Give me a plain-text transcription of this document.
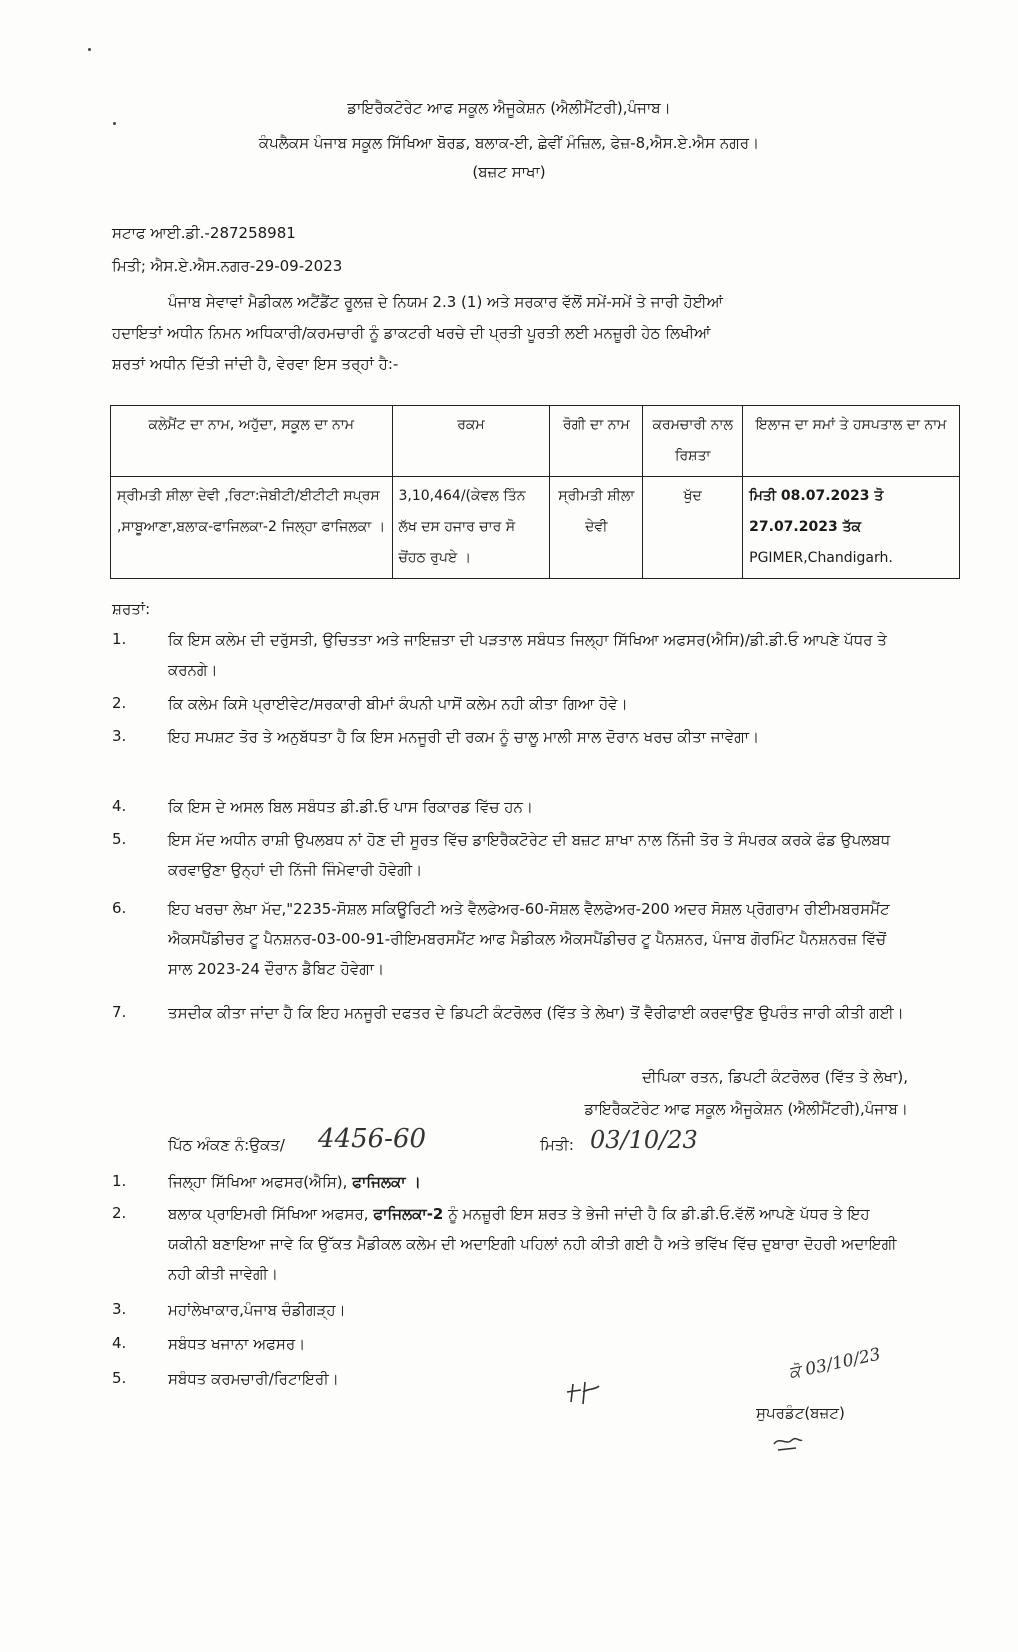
ਡਾਇਰੈਕਟੋਰੇਟ ਆਫ ਸਕੂਲ ਐਜੂਕੇਸ਼ਨ (ਐਲੀਮੈਂਟਰੀ),ਪੰਜਾਬ।
ਕੰਪਲੈਕਸ ਪੰਜਾਬ ਸਕੂਲ ਸਿੱਖਿਆ ਬੋਰਡ, ਬਲਾਕ-ਈ, ਛੇਵੀਂ ਮੰਜ਼ਿਲ, ਫੇਜ਼-8,ਐਸ.ਏ.ਐਸ ਨਗਰ।
(ਬਜ਼ਟ ਸਾਖਾ)
ਸਟਾਫ ਆਈ.ਡੀ.-287258981
ਮਿਤੀ; ਐਸ.ਏ.ਐਸ.ਨਗਰ-29-09-2023
ਪੰਜਾਬ ਸੇਵਾਵਾਂ ਮੈਡੀਕਲ ਅਟੈਂਡੈਂਟ ਰੂਲਜ਼ ਦੇ ਨਿਯਮ 2.3 (1) ਅਤੇ ਸਰਕਾਰ ਵੱਲੋਂ ਸਮੇਂ-ਸਮੇਂ ਤੇ ਜਾਰੀ ਹੋਈਆਂ
ਹਦਾਇਤਾਂ ਅਧੀਨ ਨਿਮਨ ਅਧਿਕਾਰੀ/ਕਰਮਚਾਰੀ ਨੂੰ ਡਾਕਟਰੀ ਖਰਚੇ ਦੀ ਪ੍ਰਤੀ ਪੂਰਤੀ ਲਈ ਮਨਜ਼ੂਰੀ ਹੇਠ ਲਿਖੀਆਂ
ਸ਼ਰਤਾਂ ਅਧੀਨ ਦਿੱਤੀ ਜਾਂਦੀ ਹੈ, ਵੇਰਵਾ ਇਸ ਤਰ੍ਹਾਂ ਹੈ:-
ਕਲੇਮੈਂਟ ਦਾ ਨਾਮ, ਅਹੁੱਦਾ, ਸਕੂਲ ਦਾ ਨਾਮ	ਰਕਮ	ਰੋਗੀ ਦਾ ਨਾਮ	ਕਰਮਚਾਰੀ ਨਾਲ ਰਿਸ਼ਤਾ	ਇਲਾਜ ਦਾ ਸਮਾਂ ਤੇ ਹਸਪਤਾਲ ਦਾ ਨਾਮ
ਸ੍ਰੀਮਤੀ ਸ਼ੀਲਾ ਦੇਵੀ ,ਰਿਟਾ:ਜੇਬੀਟੀ/ਈਟੀਟੀ ਸਪ੍ਰਸ ,ਸਾਬੂਆਣਾ,ਬਲਾਕ-ਫਾਜਿਲਕਾ-2 ਜਿਲ੍ਹਾ ਫਾਜਿਲਕਾ ।	3,10,464/(ਕੇਵਲ ਤਿੰਨ ਲੱਖ ਦਸ ਹਜਾਰ ਚਾਰ ਸੋ ਚੋਂਹਠ ਰੁਪਏ ।	ਸ੍ਰੀਮਤੀ ਸ਼ੀਲਾ ਦੇਵੀ	ਖੁੱਦ	ਮਿਤੀ 08.07.2023 ਤੋ 27.07.2023 ਤੱਕ
PGIMER,Chandigarh.
ਸ਼ਰਤਾਂ:
1.	ਕਿ ਇਸ ਕਲੇਮ ਦੀ ਦਰੁੱਸਤੀ, ਉਚਿਤਤਾ ਅਤੇ ਜਾਇਜ਼ਤਾ ਦੀ ਪੜਤਾਲ ਸਬੰਧਤ ਜਿਲ੍ਹਾ ਸਿੱਖਿਆ ਅਫਸਰ(ਐਸਿ)/ਡੀ.ਡੀ.ਓ ਆਪਣੇ ਪੱਧਰ ਤੇ ਕਰਨਗੇ।
2.	ਕਿ ਕਲੇਮ ਕਿਸੇ ਪ੍ਰਾਈਵੇਟ/ਸਰਕਾਰੀ ਬੀਮਾਂ ਕੰਪਨੀ ਪਾਸੋਂ ਕਲੇਮ ਨਹੀ ਕੀਤਾ ਗਿਆ ਹੋਵੇ।
3.	ਇਹ ਸਪਸ਼ਟ ਤੋਰ ਤੇ ਅਨੁਬੱਧਤਾ ਹੈ ਕਿ ਇਸ ਮਨਜੂਰੀ ਦੀ ਰਕਮ ਨੂੰ ਚਾਲੂ ਮਾਲੀ ਸਾਲ ਦੋਰਾਨ ਖਰਚ ਕੀਤਾ ਜਾਵੇਗਾ।
4.	ਕਿ ਇਸ ਦੇ ਅਸਲ ਬਿਲ ਸਬੰਧਤ ਡੀ.ਡੀ.ਓ ਪਾਸ ਰਿਕਾਰਡ ਵਿੱਚ ਹਨ।
5.	ਇਸ ਮੱਦ ਅਧੀਨ ਰਾਸ਼ੀ ਉਪਲਬਧ ਨਾਂ ਹੋਣ ਦੀ ਸੂਰਤ ਵਿੱਚ ਡਾਇਰੈਕਟੋਰੇਟ ਦੀ ਬਜ਼ਟ ਸ਼ਾਖਾ ਨਾਲ ਨਿੱਜੀ ਤੋਰ ਤੇ ਸੰਪਰਕ ਕਰਕੇ ਫੰਡ ਉਪਲਬਧ ਕਰਵਾਉਣਾ ਉਨ੍ਹਾਂ ਦੀ ਨਿੱਜੀ ਜਿੰਮੇਵਾਰੀ ਹੋਵੇਗੀ।
6.	ਇਹ ਖਰਚਾ ਲੇਖਾ ਮੱਦ,"2235-ਸੋਸ਼ਲ ਸਕਿਊਰਿਟੀ ਅਤੇ ਵੈਲਫੇਅਰ-60-ਸੋਸ਼ਲ ਵੈਲਫੇਅਰ-200 ਅਦਰ ਸੋਸ਼ਲ ਪ੍ਰੋਗਰਾਮ ਰੀਈਮਬਰਸਮੈਂਟ ਐਕਸਪੈਂਡੀਚਰ ਟੂ ਪੈਨਸ਼ਨਰ-03-00-91-ਰੀਇਮਬਰਸਮੈਂਟ ਆਫ ਮੈਡੀਕਲ ਐਕਸਪੈਂਡੀਚਰ ਟੂ ਪੈਨਸ਼ਨਰ, ਪੰਜਾਬ ਗੋਰਮਿੰਟ ਪੈਨਸ਼ਨਰਜ਼ ਵਿੱਚੋਂ ਸਾਲ 2023-24 ਦੌਰਾਨ ਡੈਬਿਟ ਹੋਵੇਗਾ।
7.	ਤਸਦੀਕ ਕੀਤਾ ਜਾਂਦਾ ਹੈ ਕਿ ਇਹ ਮਨਜੂਰੀ ਦਫਤਰ ਦੇ ਡਿਪਟੀ ਕੰਟਰੋਲਰ (ਵਿੱਤ ਤੇ ਲੇਖਾ) ਤੋਂ ਵੈਰੀਫਾਈ ਕਰਵਾਉਣ ਉਪਰੰਤ ਜਾਰੀ ਕੀਤੀ ਗਈ।
ਦੀਪਿਕਾ ਰਤਨ, ਡਿਪਟੀ ਕੰਟਰੋਲਰ (ਵਿੱਤ ਤੇ ਲੇਖਾ),
ਡਾਇਰੈਕਟੋਰੇਟ ਆਫ ਸਕੂਲ ਐਜੂਕੇਸ਼ਨ (ਐਲੀਮੈਂਟਰੀ),ਪੰਜਾਬ।
ਪਿੱਠ ਅੰਕਣ ਨੰ:ਉਕਤ/ 4456-60	ਮਿਤੀ: 03/10/23
1.	ਜਿਲ੍ਹਾ ਸਿੱਖਿਆ ਅਫਸਰ(ਐਸਿ), ਫਾਜਿਲਕਾ ।
2.	ਬਲਾਕ ਪ੍ਰਾਇਮਰੀ ਸਿੱਖਿਆ ਅਫਸਰ, ਫਾਜਿਲਕਾ-2 ਨੂੰ ਮਨਜ਼ੂਰੀ ਇਸ ਸ਼ਰਤ ਤੇ ਭੇਜੀ ਜਾਂਦੀ ਹੈ ਕਿ ਡੀ.ਡੀ.ਓ.ਵੱਲੋਂ ਆਪਣੇ ਪੱਧਰ ਤੇ ਇਹ ਯਕੀਨੀ ਬਣਾਇਆ ਜਾਵੇ ਕਿ ਉੱਕਤ ਮੈਡੀਕਲ ਕਲੇਮ ਦੀ ਅਦਾਇਗੀ ਪਹਿਲਾਂ ਨਹੀ ਕੀਤੀ ਗਈ ਹੈ ਅਤੇ ਭਵਿੱਖ ਵਿੱਚ ਦੁਬਾਰਾ ਦੋਹਰੀ ਅਦਾਇਗੀ ਨਹੀ ਕੀਤੀ ਜਾਵੇਗੀ।
3.	ਮਹਾਂਲੇਖਾਕਾਰ,ਪੰਜਾਬ ਚੰਡੀਗੜ੍ਹ।
4.	ਸਬੰਧਤ ਖਜਾਨਾ ਅਫਸਰ।
5.	ਸਬੰਧਤ ਕਰਮਚਾਰੀ/ਰਿਟਾਇਰੀ।	ਕੋ 03/10/23
ਸੁਪਰਡੰਟ(ਬਜ਼ਟ)
